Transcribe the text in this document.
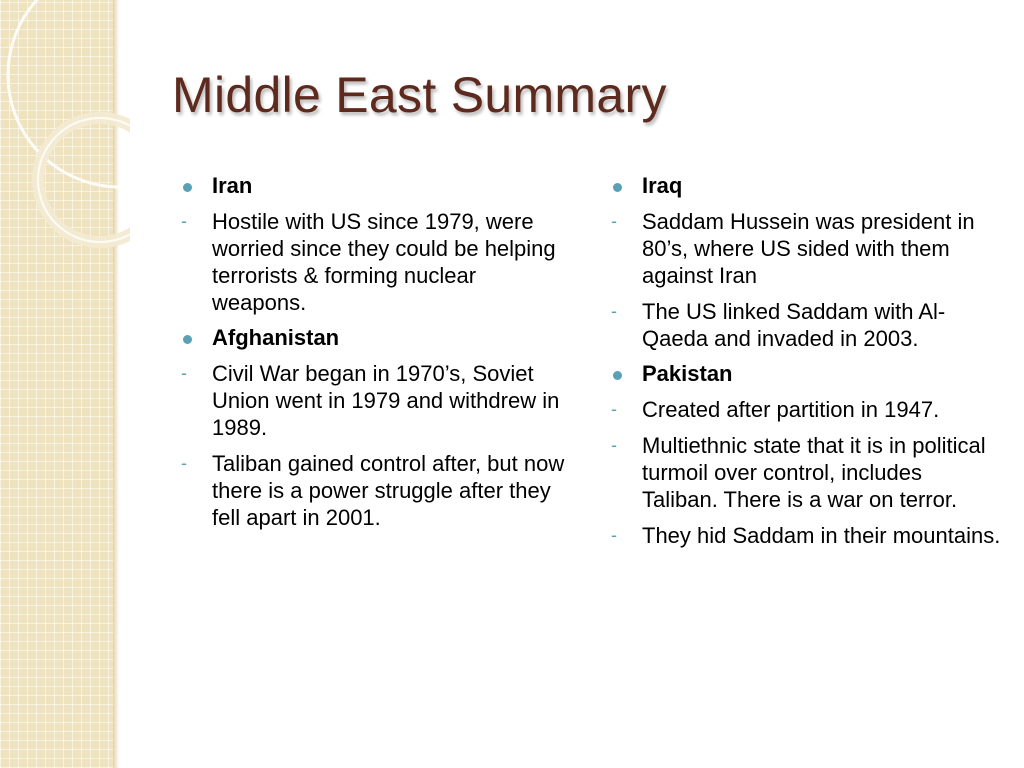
Middle East Summary
Iran
- Hostile with US since 1979, were worried since they could be helping terrorists & forming nuclear weapons.
Afghanistan
- Civil War began in 1970’s, Soviet Union went in 1979 and withdrew in 1989.
- Taliban gained control after, but now there is a power struggle after they fell apart in 2001.
Iraq
- Saddam Hussein was president in 80’s, where US sided with them against Iran
- The US linked Saddam with Al-Qaeda and invaded in 2003.
Pakistan
- Created after partition in 1947.
- Multiethnic state that it is in political turmoil over control, includes Taliban. There is a war on terror.
- They hid Saddam in their mountains.
